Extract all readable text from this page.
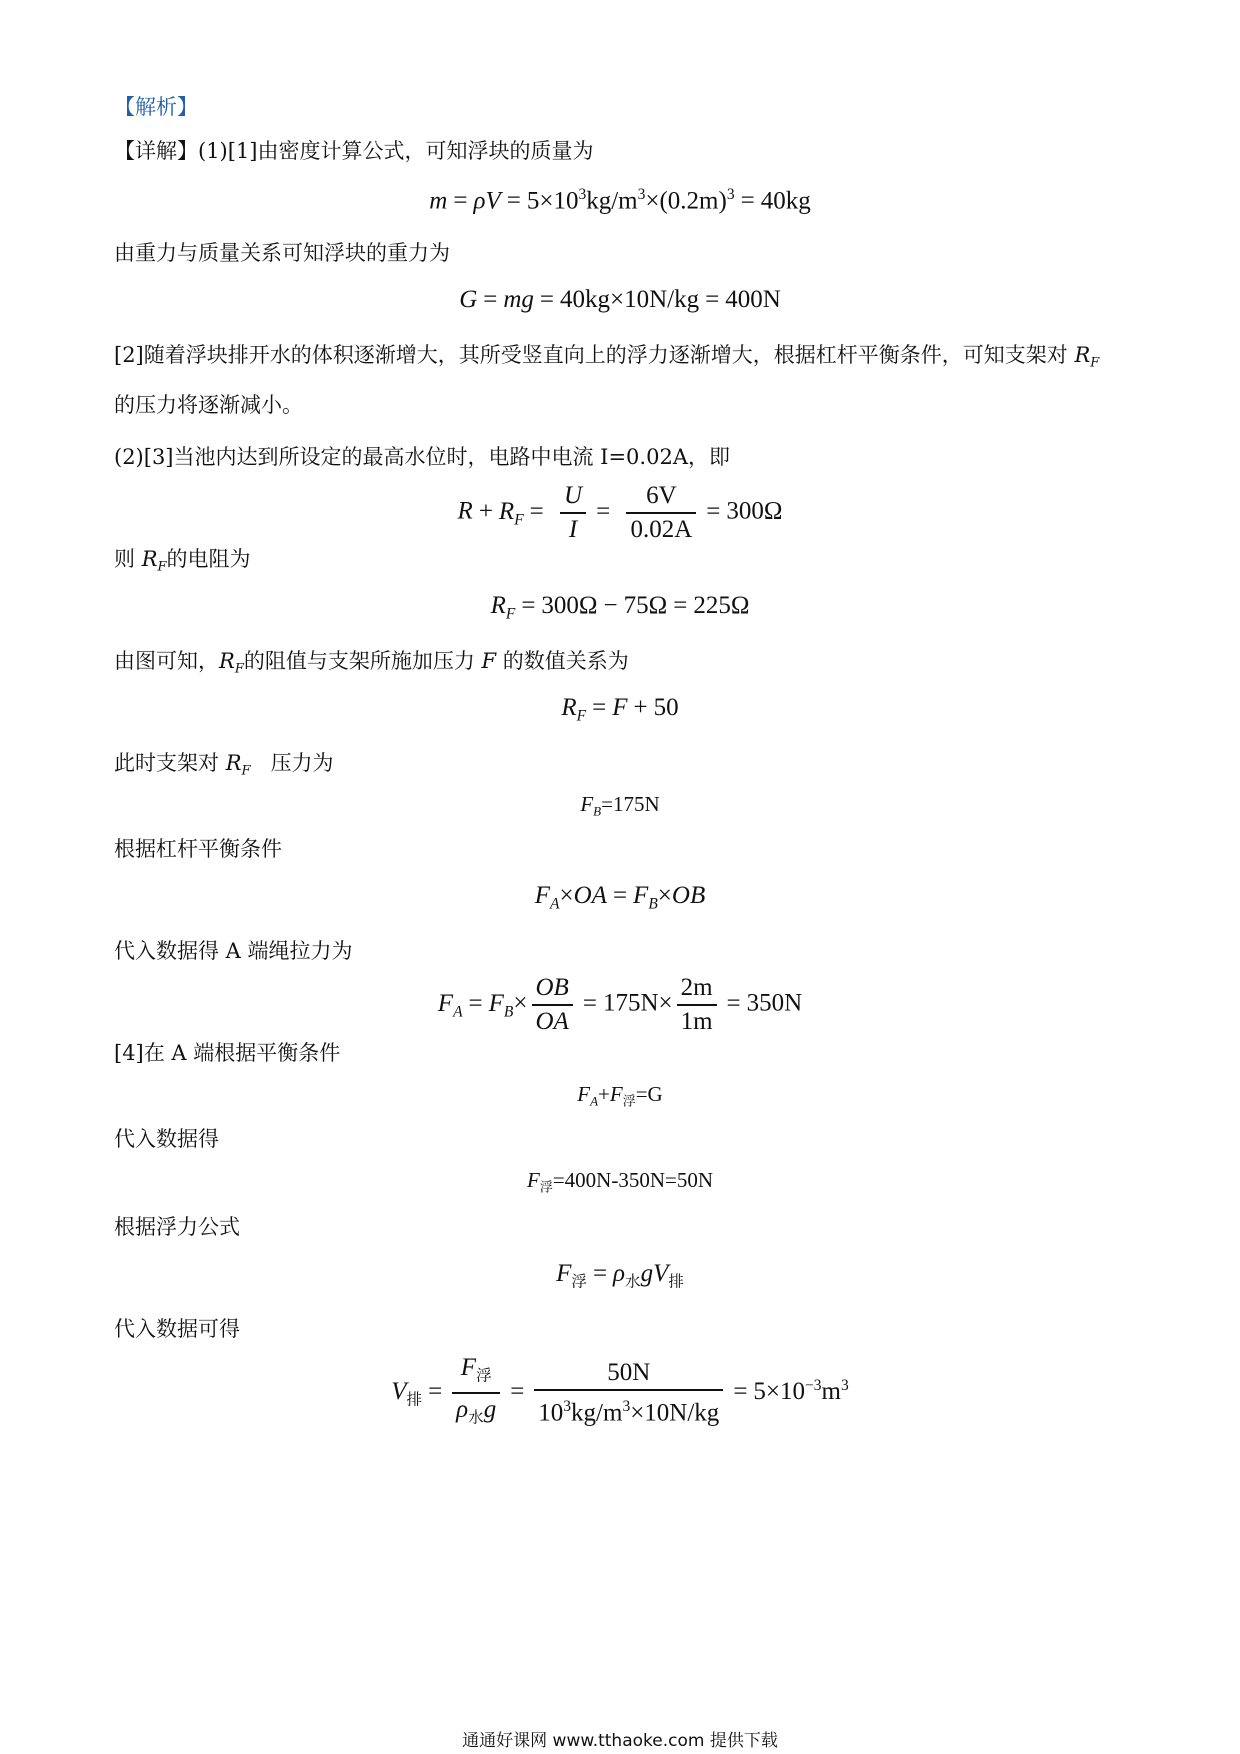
【解析】
【详解】(1)[1]由密度计算公式，可知浮块的质量为
$m = \rho V = 5\times 10^3kg/m^3\times(0.2m)^3 = 40kg$
由重力与质量关系可知浮块的重力为
G = mg = 40kg×10N/kg = 400N
[2]随着浮块排开水的体积逐渐增大，其所受竖直向上的浮力逐渐增大，根据杠杆平衡条件，可知支架对 $R_F$
的压力将逐渐减小。
(2)[3]当池内达到所设定的最高水位时，电路中电流 I=0.02A，即
$R + R_F = \frac{U}{I} = \frac{6V}{0.02A} = 300\Omega$
则 $R_F$的电阻为
$R_F = 300\Omega - 75\Omega = 225\Omega$
由图可知，$R_F$的阻值与支架所施加压力 F 的数值关系为
$R_F = F + 50$
此时支架对 $R_F$ 压力为
$F_B=175N$
根据杠杆平衡条件
$F_A\times OA = F_B\times OB$
代入数据得 A 端绳拉力为
$F_A = F_B\times \frac{OB}{OA} = 175N\times \frac{2m}{1m} = 350N$
[4]在 A 端根据平衡条件
$F_A+F_浮=G$
代入数据得
$F_浮=400N-350N=50N$
根据浮力公式
$F_浮 = \rho_水gV_排$
代入数据可得
$V_排 = \frac{F_浮}{\rho_水g} = \frac{50N}{10^3kg/m^3\times 10N/kg} = 5\times 10^{-3}m^3$
通通好课网 www.tthaoke.com 提供下载
